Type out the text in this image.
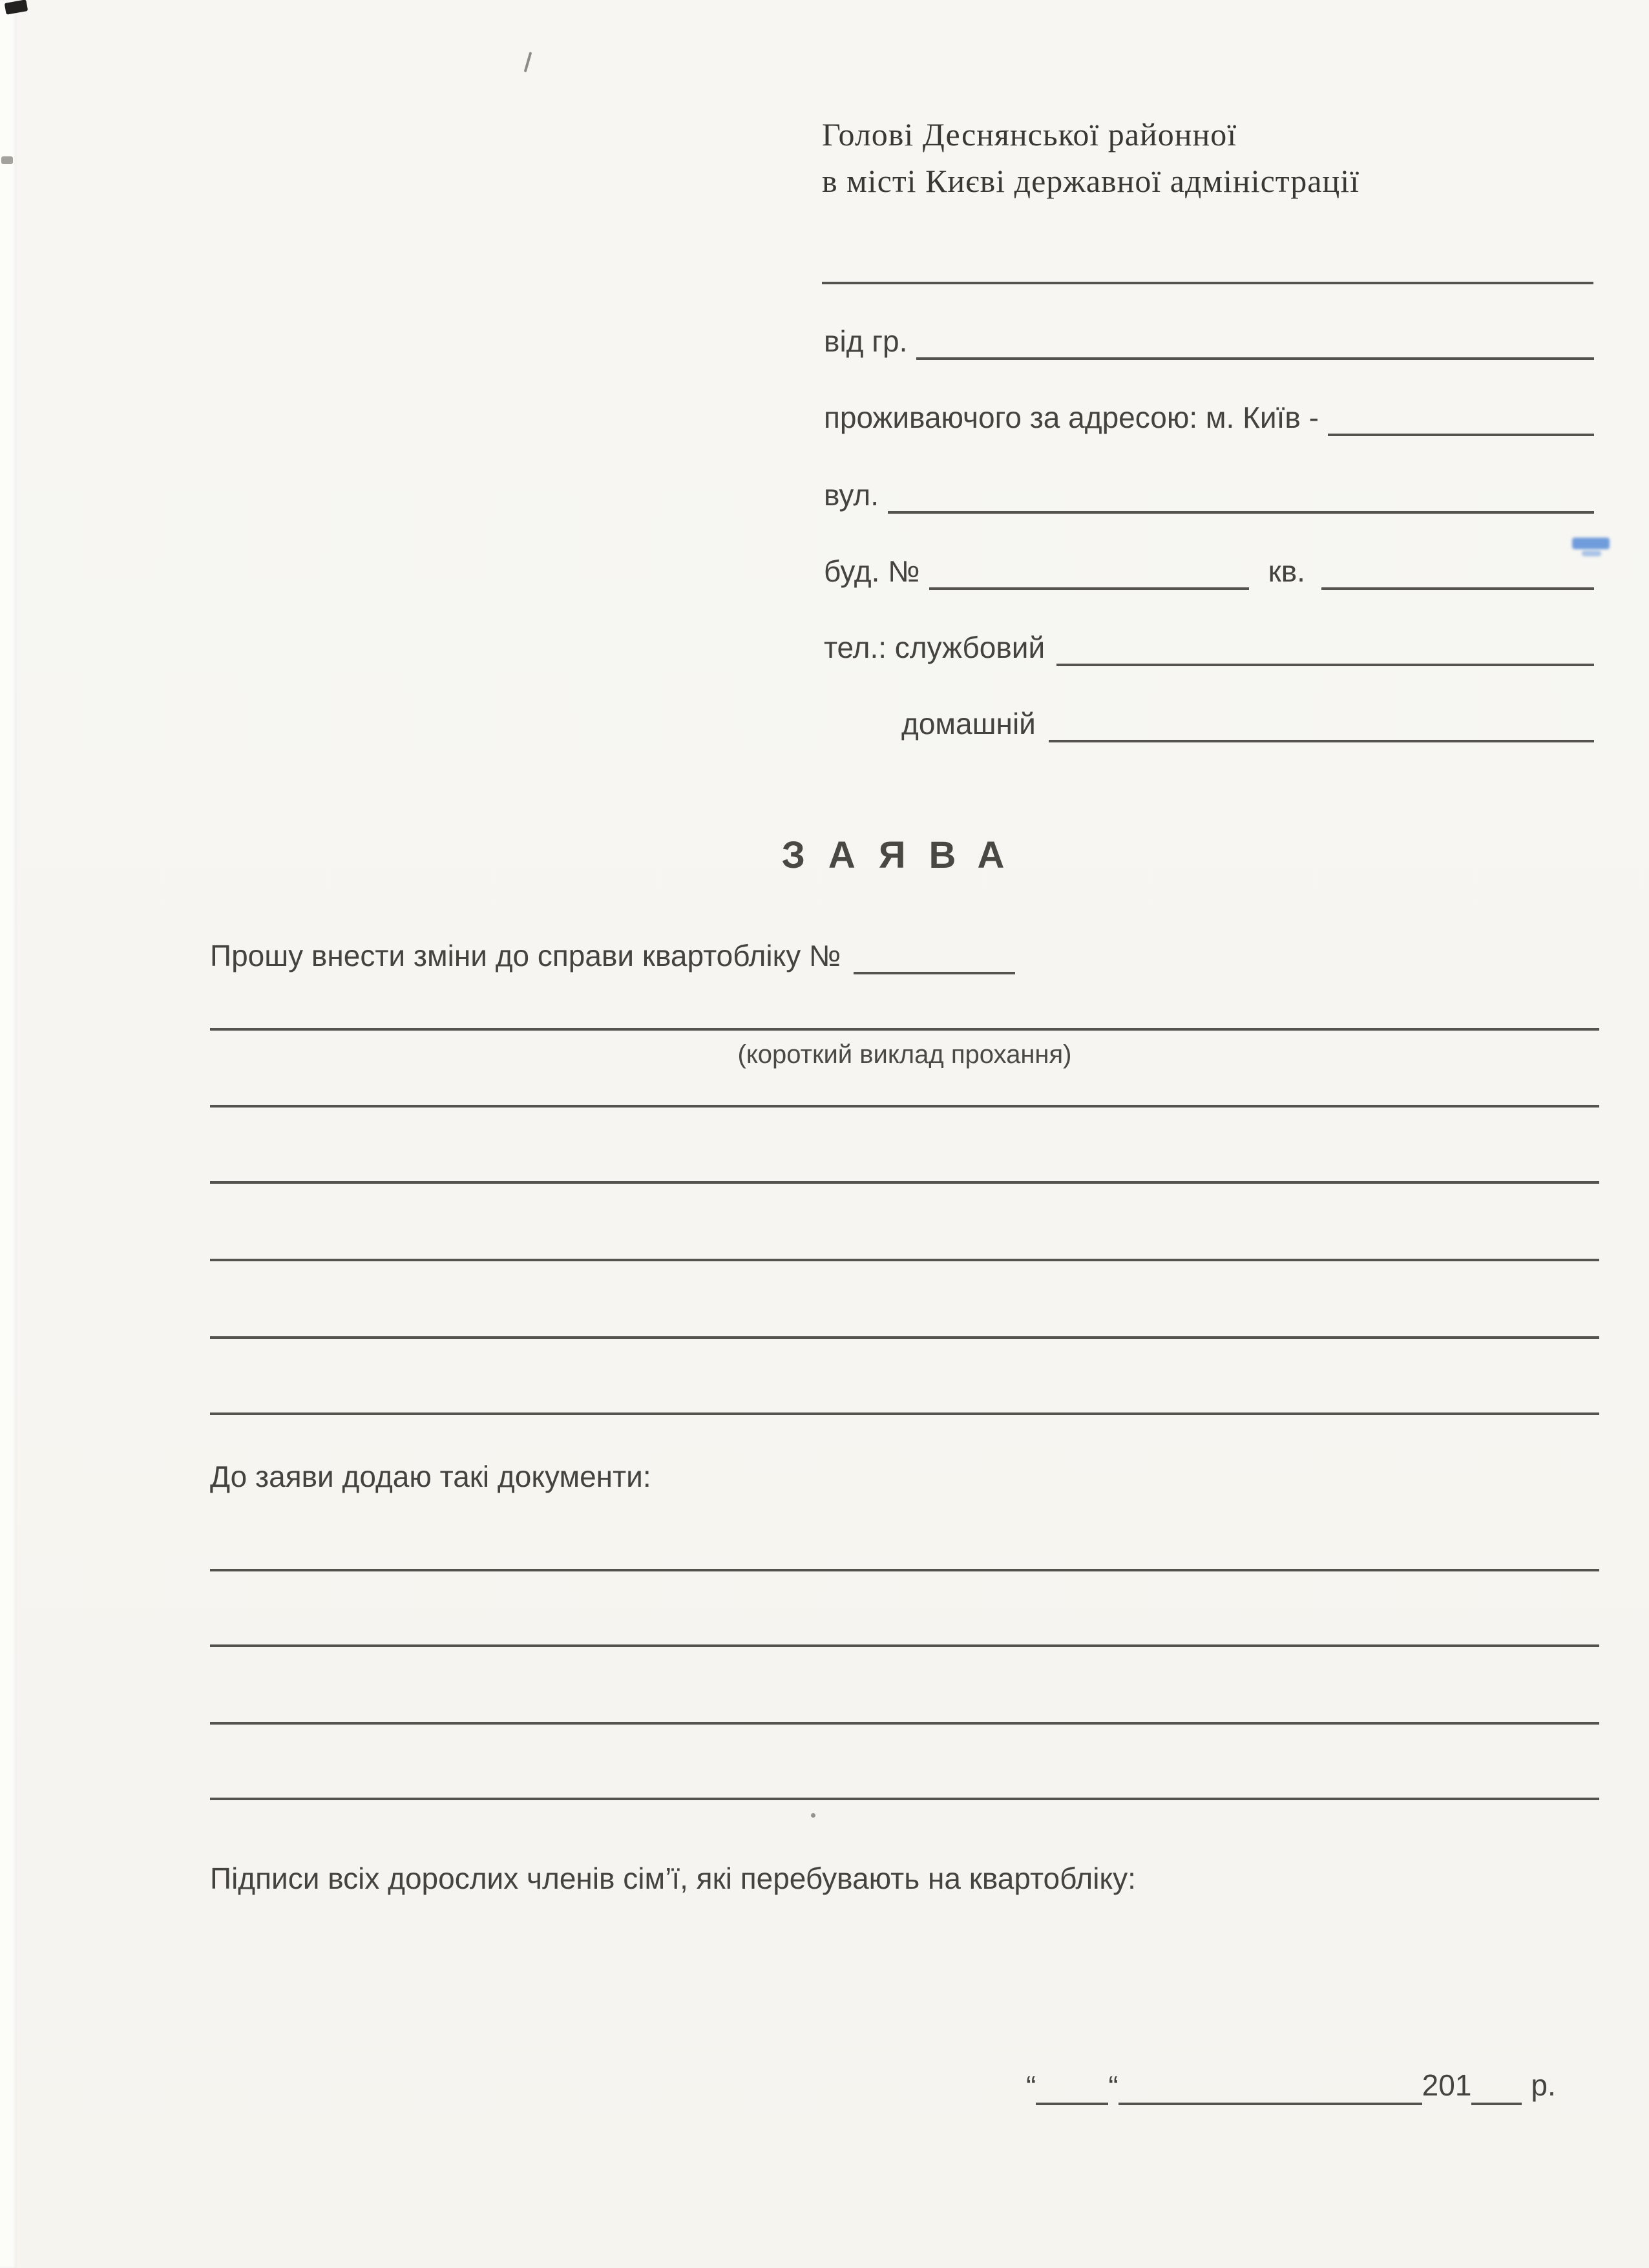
Голові Деснянської районної
в місті Києві державної адміністрації
від гр.
проживаючого за адресою: м. Київ -
вул.
буд. №	кв.
тел.: службовий
домашній
ЗАЯВА
Прошу внести зміни до справи квартобліку №
(короткий виклад прохання)
До заяви додаю такі документи:
Підписи всіх дорослих членів сім’ї, які перебувають на квартобліку:
“ “	201 р.
